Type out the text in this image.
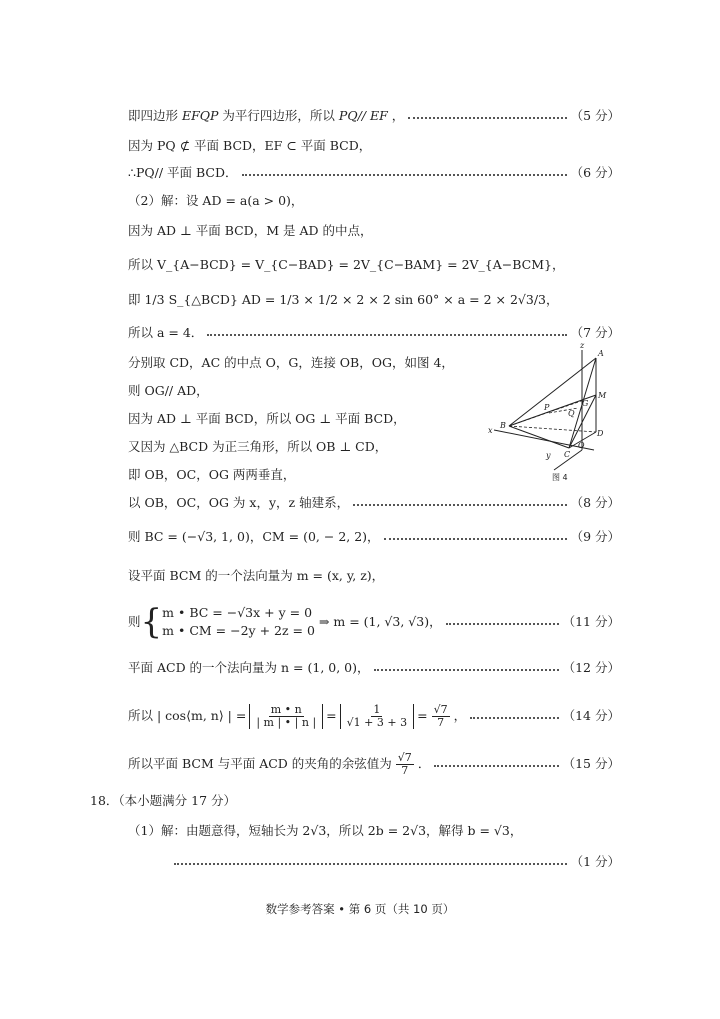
即四边形 EFQP 为平行四边形，所以 PQ// EF ，	（5 分）
因为 PQ ⊄ 平面 BCD，EF ⊂ 平面 BCD，
∴PQ// 平面 BCD．	（6 分）
（2）解：设 AD = a(a > 0)，
因为 AD ⊥ 平面 BCD，M 是 AD 的中点，
所以 V_{A−BCD} = V_{C−BAD} = 2V_{C−BAM} = 2V_{A−BCM}，
即 1/3 S_{△BCD} AD = 1/3 × 1/2 × 2 × 2 sin 60° × a = 2 × 2√3/3，
所以 a = 4．	（7 分）
分别取 CD，AC 的中点 O，G，连接 OB，OG，如图 4，
则 OG// AD，
因为 AD ⊥ 平面 BCD，所以 OG ⊥ 平面 BCD，
又因为 △BCD 为正三角形，所以 OB ⊥ CD，
即 OB，OC，OG 两两垂直，
以 OB，OC，OG 为 x，y，z 轴建系，	（8 分）
则 BC = (−√3, 1, 0)，CM = (0, − 2, 2)，	（9 分）
设平面 BCM 的一个法向量为 m = (x, y, z)，
则 { m • BC = −√3x + y = 0
m • CM = −2y + 2z = 0
⇒ m = (1, √3, √3)，	（11 分）
平面 ACD 的一个法向量为 n = (1, 0, 0)，	（12 分）
所以 | cos⟨m, n⟩ | = $\frac{m • n}{| m | • | n |} = \frac{1}{√1 + 3 + 3} = \frac{√7}{7}$ ，	（14 分）
所以平面 BCM 与平面 ACD 的夹角的余弦值为 $\frac{√7}{7}$ ．	（15 分）
18．（本小题满分 17 分）
（1）解：由题意得，短轴长为 2√3，所以 2b = 2√3，解得 b = √3，
（1 分）
z
A
M
P
Q
G
x
B
D
O
y C
图 4
数学参考答案 • 第 6 页（共 10 页）
